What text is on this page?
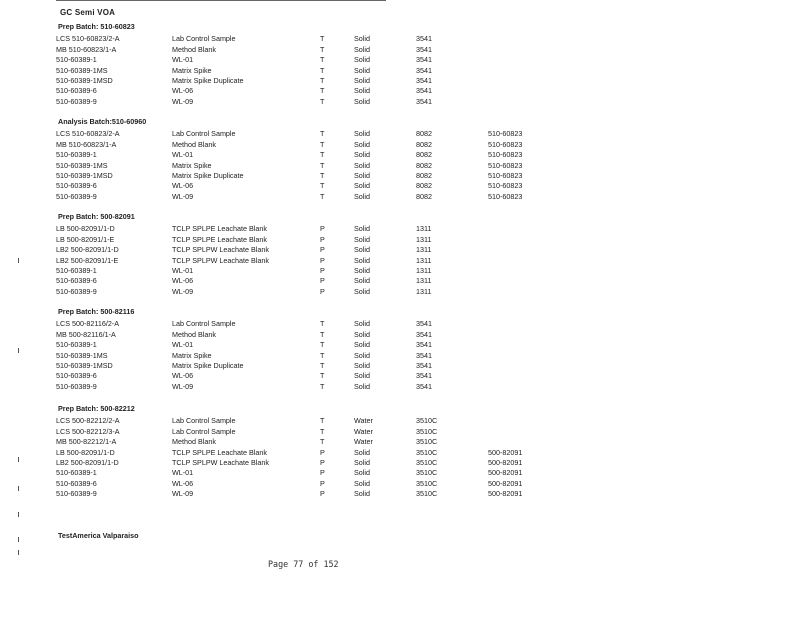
GC Semi VOA
Prep Batch: 510-60823
LCS 510-60823/2-A	Lab Control Sample	T	Solid	3541
MB 510-60823/1-A	Method Blank	T	Solid	3541
510-60389-1	WL-01	T	Solid	3541
510-60389-1MS	Matrix Spike	T	Solid	3541
510-60389-1MSD	Matrix Spike Duplicate	T	Solid	3541
510-60389-6	WL-06	T	Solid	3541
510-60389-9	WL-09	T	Solid	3541
Analysis Batch:510-60960
LCS 510-60823/2-A	Lab Control Sample	T	Solid	8082	510-60823
MB 510-60823/1-A	Method Blank	T	Solid	8082	510-60823
510-60389-1	WL-01	T	Solid	8082	510-60823
510-60389-1MS	Matrix Spike	T	Solid	8082	510-60823
510-60389-1MSD	Matrix Spike Duplicate	T	Solid	8082	510-60823
510-60389-6	WL-06	T	Solid	8082	510-60823
510-60389-9	WL-09	T	Solid	8082	510-60823
Prep Batch: 500-82091
LB 500-82091/1-D	TCLP SPLPE Leachate Blank	P	Solid	1311
LB 500-82091/1-E	TCLP SPLPE Leachate Blank	P	Solid	1311
LB2 500-82091/1-D	TCLP SPLPW Leachate Blank	P	Solid	1311
LB2 500-82091/1-E	TCLP SPLPW Leachate Blank	P	Solid	1311
510-60389-1	WL-01	P	Solid	1311
510-60389-6	WL-06	P	Solid	1311
510-60389-9	WL-09	P	Solid	1311
Prep Batch: 500-82116
LCS 500-82116/2-A	Lab Control Sample	T	Solid	3541
MB 500-82116/1-A	Method Blank	T	Solid	3541
510-60389-1	WL-01	T	Solid	3541
510-60389-1MS	Matrix Spike	T	Solid	3541
510-60389-1MSD	Matrix Spike Duplicate	T	Solid	3541
510-60389-6	WL-06	T	Solid	3541
510-60389-9	WL-09	T	Solid	3541
Prep Batch: 500-82212
LCS 500-82212/2-A	Lab Control Sample	T	Water	3510C
LCS 500-82212/3-A	Lab Control Sample	T	Water	3510C
MB 500-82212/1-A	Method Blank	T	Water	3510C
LB 500-82091/1-D	TCLP SPLPE Leachate Blank	P	Solid	3510C	500-82091
LB2 500-82091/1-D	TCLP SPLPW Leachate Blank	P	Solid	3510C	500-82091
510-60389-1	WL-01	P	Solid	3510C	500-82091
510-60389-6	WL-06	P	Solid	3510C	500-82091
510-60389-9	WL-09	P	Solid	3510C	500-82091
TestAmerica Valparaiso
Page 77 of 152
